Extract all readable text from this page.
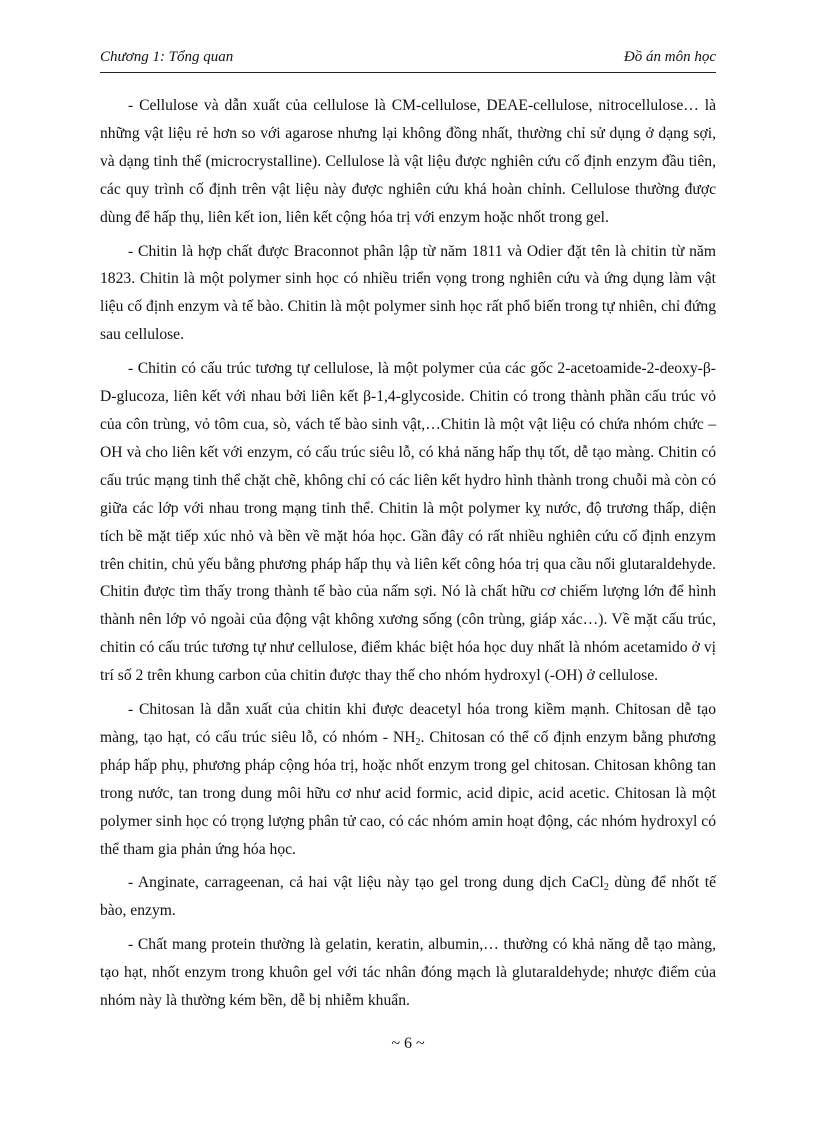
Chương 1: Tổng quan	Đồ án môn học

- Cellulose và dẫn xuất của cellulose là CM-cellulose, DEAE-cellulose, nitrocellulose… là những vật liệu rẻ hơn so với agarose nhưng lại không đồng nhất, thường chỉ sử dụng ở dạng sợi, và dạng tinh thể (microcrystalline). Cellulose là vật liệu được nghiên cứu cố định enzym đầu tiên, các quy trình cố định trên vật liệu này được nghiên cứu khá hoàn chỉnh. Cellulose thường được dùng để hấp thụ, liên kết ion, liên kết cộng hóa trị với enzym hoặc nhốt trong gel.

- Chitin là hợp chất được Braconnot phân lập từ năm 1811 và Odier đặt tên là chitin từ năm 1823. Chitin là một polymer sinh học có nhiều triển vọng trong nghiên cứu và ứng dụng làm vật liệu cố định enzym và tế bào. Chitin là một polymer sinh học rất phổ biến trong tự nhiên, chỉ đứng sau cellulose.

- Chitin có cấu trúc tương tự cellulose, là một polymer của các gốc 2-acetoamide-2-deoxy-β-D-glucoza, liên kết với nhau bởi liên kết β-1,4-glycoside. Chitin có trong thành phần cấu trúc vỏ của côn trùng, vỏ tôm cua, sò, vách tế bào sinh vật,…Chitin là một vật liệu có chứa nhóm chức –OH và cho liên kết với enzym, có cấu trúc siêu lỗ, có khả năng hấp thụ tốt, dễ tạo màng. Chitin có cấu trúc mạng tinh thể chặt chẽ, không chỉ có các liên kết hydro hình thành trong chuỗi mà còn có giữa các lớp với nhau trong mạng tinh thể. Chitin là một polymer kỵ nước, độ trương thấp, diện tích bề mặt tiếp xúc nhỏ và bền về mặt hóa học. Gần đây có rất nhiều nghiên cứu cố định enzym trên chitin, chủ yếu bằng phương pháp hấp thụ và liên kết công hóa trị qua cầu nối glutaraldehyde. Chitin được tìm thấy trong thành tế bào của nấm sợi. Nó là chất hữu cơ chiếm lượng lớn để hình thành nên lớp vỏ ngoài của động vật không xương sống (côn trùng, giáp xác…). Về mặt cấu trúc, chitin có cấu trúc tương tự như cellulose, điểm khác biệt hóa học duy nhất là nhóm acetamido ở vị trí số 2 trên khung carbon của chitin được thay thế cho nhóm hydroxyl (-OH) ở cellulose.

- Chitosan là dẫn xuất của chitin khi được deacetyl hóa trong kiềm mạnh. Chitosan dễ tạo màng, tạo hạt, có cấu trúc siêu lỗ, có nhóm - $NH_2$. Chitosan có thể cố định enzym bằng phương pháp hấp phụ, phương pháp cộng hóa trị, hoặc nhốt enzym trong gel chitosan. Chitosan không tan trong nước, tan trong dung môi hữu cơ như acid formic, acid dipic, acid acetic. Chitosan là một polymer sinh học có trọng lượng phân tử cao, có các nhóm amin hoạt động, các nhóm hydroxyl có thể tham gia phản ứng hóa học.

- Anginate, carrageenan, cả hai vật liệu này tạo gel trong dung dịch CaCl$_2$ dùng để nhốt tế bào, enzym.

- Chất mang protein thường là gelatin, keratin, albumin,… thường có khả năng dễ tạo màng, tạo hạt, nhốt enzym trong khuôn gel với tác nhân đóng mạch là glutaraldehyde; nhược điểm của nhóm này là thường kém bền, dễ bị nhiễm khuẩn.

~ 6 ~
